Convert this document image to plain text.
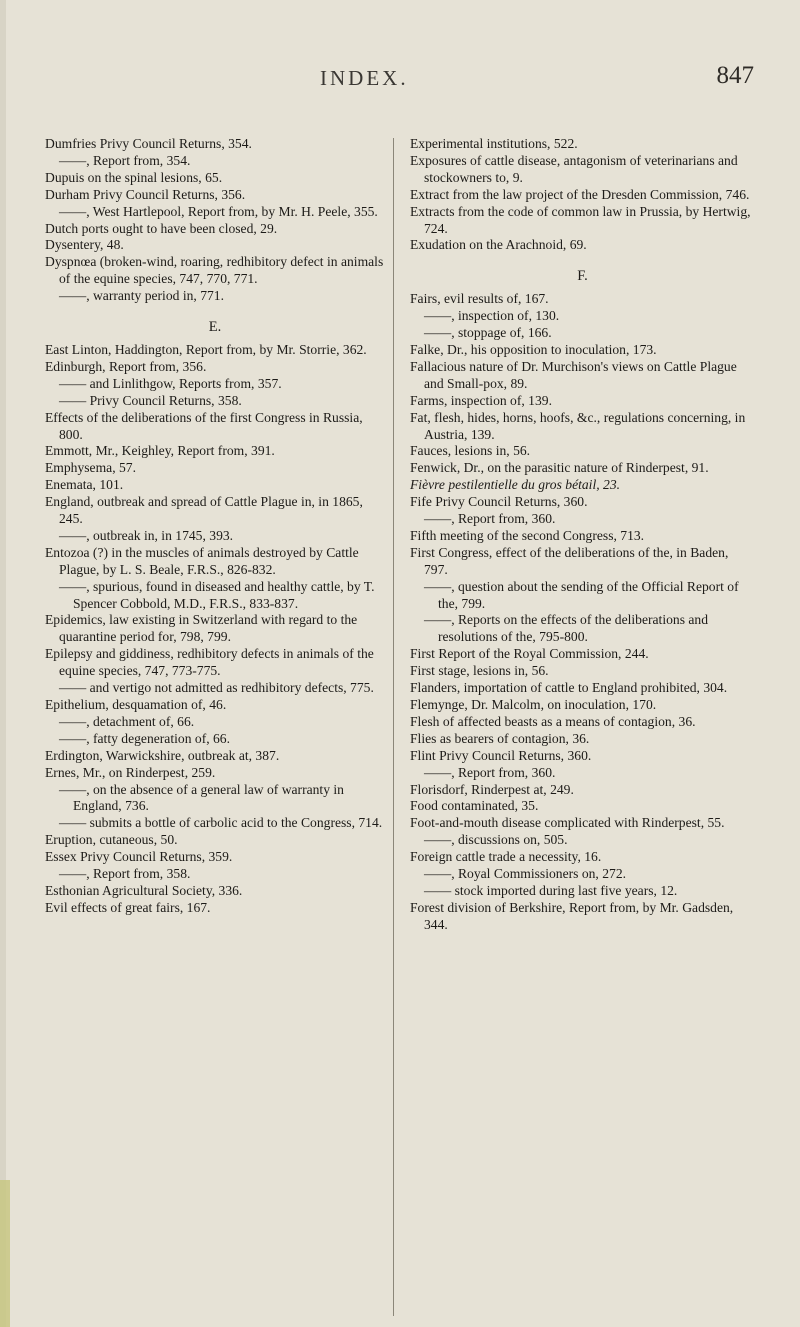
INDEX.	847
Dumfries Privy Council Returns, 354.
——, Report from, 354.
Dupuis on the spinal lesions, 65.
Durham Privy Council Returns, 356.
——, West Hartlepool, Report from, by Mr. H. Peele, 355.
Dutch ports ought to have been closed, 29.
Dysentery, 48.
Dyspnœa (broken-wind, roaring, redhibitory defect in animals of the equine species, 747, 770, 771.
——, warranty period in, 771.
E.
East Linton, Haddington, Report from, by Mr. Storrie, 362.
Edinburgh, Report from, 356.
—— and Linlithgow, Reports from, 357.
—— Privy Council Returns, 358.
Effects of the deliberations of the first Congress in Russia, 800.
Emmott, Mr., Keighley, Report from, 391.
Emphysema, 57.
Enemata, 101.
England, outbreak and spread of Cattle Plague in, in 1865, 245.
——, outbreak in, in 1745, 393.
Entozoa (?) in the muscles of animals destroyed by Cattle Plague, by L. S. Beale, F.R.S., 826-832.
——, spurious, found in diseased and healthy cattle, by T. Spencer Cobbold, M.D., F.R.S., 833-837.
Epidemics, law existing in Switzerland with regard to the quarantine period for, 798, 799.
Epilepsy and giddiness, redhibitory defects in animals of the equine species, 747, 773-775.
—— and vertigo not admitted as redhibitory defects, 775.
Epithelium, desquamation of, 46.
——, detachment of, 66.
——, fatty degeneration of, 66.
Erdington, Warwickshire, outbreak at, 387.
Ernes, Mr., on Rinderpest, 259.
——, on the absence of a general law of warranty in England, 736.
—— submits a bottle of carbolic acid to the Congress, 714.
Eruption, cutaneous, 50.
Essex Privy Council Returns, 359.
——, Report from, 358.
Esthonian Agricultural Society, 336.
Evil effects of great fairs, 167.
Experimental institutions, 522.
Exposures of cattle disease, antagonism of veterinarians and stockowners to, 9.
Extract from the law project of the Dresden Commission, 746.
Extracts from the code of common law in Prussia, by Hertwig, 724.
Exudation on the Arachnoid, 69.
F.
Fairs, evil results of, 167.
——, inspection of, 130.
——, stoppage of, 166.
Falke, Dr., his opposition to inoculation, 173.
Fallacious nature of Dr. Murchison's views on Cattle Plague and Small-pox, 89.
Farms, inspection of, 139.
Fat, flesh, hides, horns, hoofs, &c., regulations concerning, in Austria, 139.
Fauces, lesions in, 56.
Fenwick, Dr., on the parasitic nature of Rinderpest, 91.
Fièvre pestilentielle du gros bétail, 23.
Fife Privy Council Returns, 360.
——, Report from, 360.
Fifth meeting of the second Congress, 713.
First Congress, effect of the deliberations of the, in Baden, 797.
——, question about the sending of the Official Report of the, 799.
——, Reports on the effects of the deliberations and resolutions of the, 795-800.
First Report of the Royal Commission, 244.
First stage, lesions in, 56.
Flanders, importation of cattle to England prohibited, 304.
Flemynge, Dr. Malcolm, on inoculation, 170.
Flesh of affected beasts as a means of contagion, 36.
Flies as bearers of contagion, 36.
Flint Privy Council Returns, 360.
——, Report from, 360.
Florisdorf, Rinderpest at, 249.
Food contaminated, 35.
Foot-and-mouth disease complicated with Rinderpest, 55.
——, discussions on, 505.
Foreign cattle trade a necessity, 16.
——, Royal Commissioners on, 272.
—— stock imported during last five years, 12.
Forest division of Berkshire, Report from, by Mr. Gadsden, 344.
